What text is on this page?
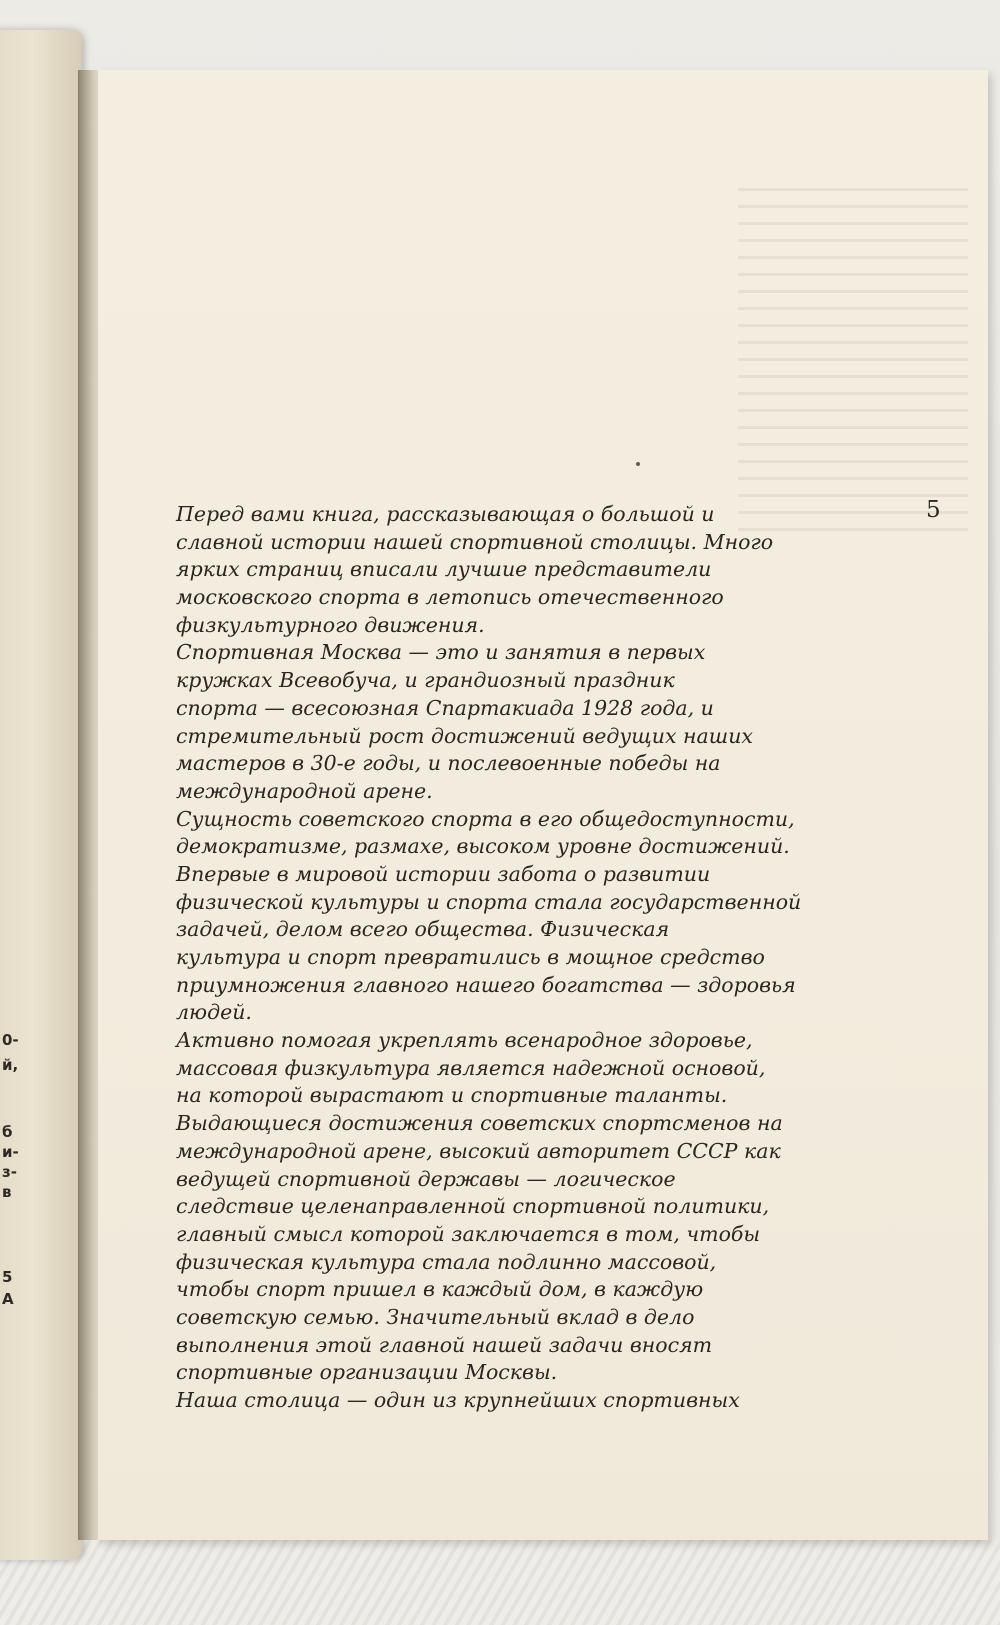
0-
й,
б
и-
з-
в
5
А
5
Перед вами книга, рассказывающая о большой и
славной истории нашей спортивной столицы. Много
ярких страниц вписали лучшие представители
московского спорта в летопись отечественного
физкультурного движения.
Спортивная Москва — это и занятия в первых
кружках Всевобуча, и грандиозный праздник
спорта — всесоюзная Спартакиада 1928 года, и
стремительный рост достижений ведущих наших
мастеров в 30-е годы, и послевоенные победы на
международной арене.
Сущность советского спорта в его общедоступности,
демократизме, размахе, высоком уровне достижений.
Впервые в мировой истории забота о развитии
физической культуры и спорта стала государственной
задачей, делом всего общества. Физическая
культура и спорт превратились в мощное средство
приумножения главного нашего богатства — здоровья
людей.
Активно помогая укреплять всенародное здоровье,
массовая физкультура является надежной основой,
на которой вырастают и спортивные таланты.
Выдающиеся достижения советских спортсменов на
международной арене, высокий авторитет СССР как
ведущей спортивной державы — логическое
следствие целенаправленной спортивной политики,
главный смысл которой заключается в том, чтобы
физическая культура стала подлинно массовой,
чтобы спорт пришел в каждый дом, в каждую
советскую семью. Значительный вклад в дело
выполнения этой главной нашей задачи вносят
спортивные организации Москвы.
Наша столица — один из крупнейших спортивных
